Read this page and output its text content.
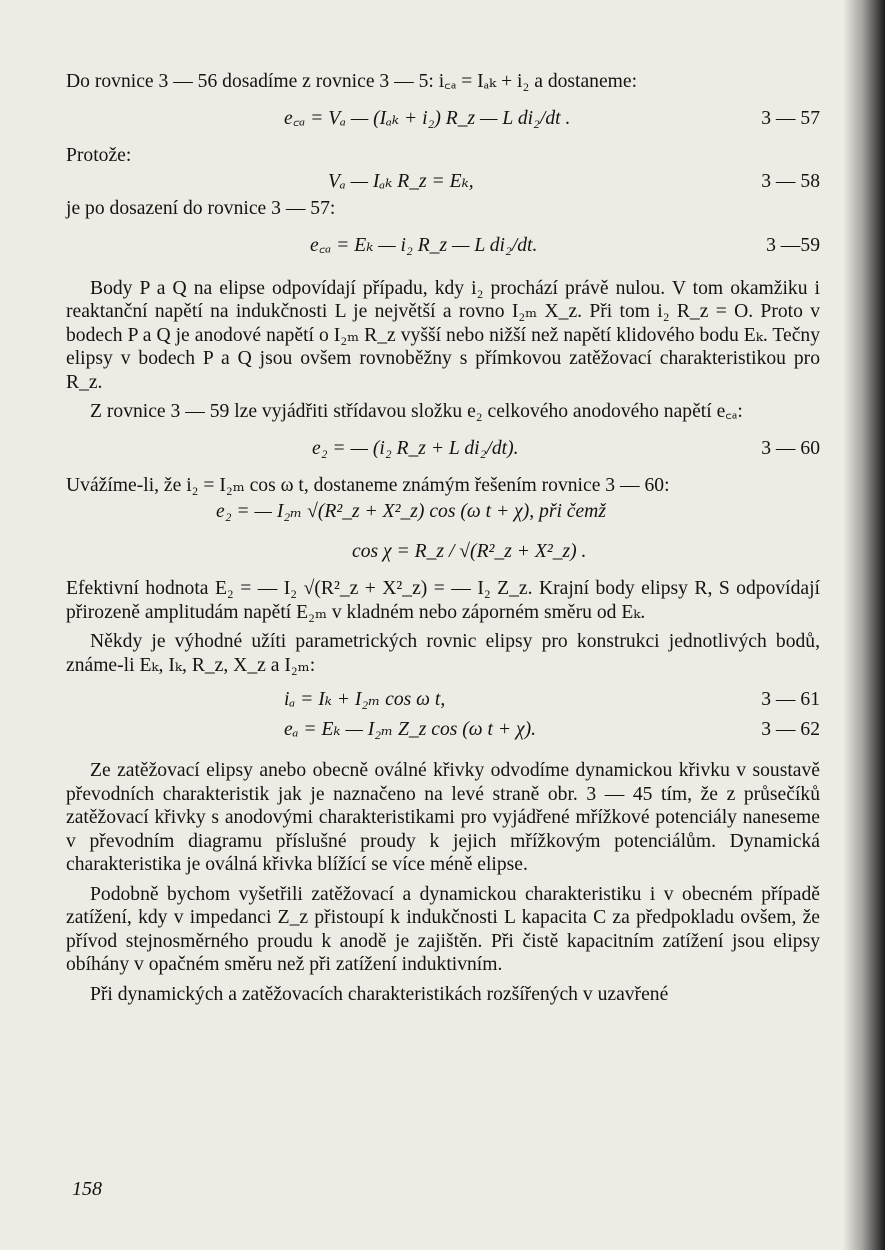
Do rovnice 3 — 56 dosadíme z rovnice 3 — 5: i꜀ₐ = Iₐₖ + i₂ a dostaneme:

e꜀ₐ = Vₐ — (Iₐₖ + i₂) R_z — L di₂/dt .	3 — 57

Protože:

Vₐ — Iₐₖ R_z = Eₖ,	3 — 58

je po dosazení do rovnice 3 — 57:

e꜀ₐ = Eₖ — i₂ R_z — L di₂/dt.	3 —59

Body P a Q na elipse odpovídají případu, kdy i₂ prochází právě nulou. V tom okamžiku i reaktanční napětí na indukčnosti L je největší a rovno I₂ₘ X_z. Při tom i₂ R_z = O. Proto v bodech P a Q je anodové napětí o I₂ₘ R_z vyšší nebo nižší než napětí klidového bodu Eₖ. Tečny elipsy v bodech P a Q jsou ovšem rovnoběžny s přímkovou zatěžovací charakteristikou pro R_z.

Z rovnice 3 — 59 lze vyjádřiti střídavou složku e₂ celkového anodového napětí e꜀ₐ:

e₂ = — (i₂ R_z + L di₂/dt).	3 — 60

Uvážíme-li, že i₂ = I₂ₘ cos ω t, dostaneme známým řešením rovnice 3 — 60:

e₂ = — I₂ₘ √(R²_z + X²_z) cos (ω t + χ), při čemž
cos χ = R_z / √(R²_z + X²_z) .

Efektivní hodnota E₂ = — I₂ √(R²_z + X²_z) = — I₂ Z_z. Krajní body elipsy R, S odpovídají přirozeně amplitudám napětí E₂ₘ v kladném nebo záporném směru od Eₖ.

Někdy je výhodné užíti parametrických rovnic elipsy pro konstrukci jednotlivých bodů, známe-li Eₖ, Iₖ, R_z, X_z a I₂ₘ:

iₐ = Iₖ + I₂ₘ cos ω t,	3 — 61
eₐ = Eₖ — I₂ₘ Z_z cos (ω t + χ).	3 — 62

Ze zatěžovací elipsy anebo obecně oválné křivky odvodíme dynamickou křivku v soustavě převodních charakteristik jak je naznačeno na levé straně obr. 3 — 45 tím, že z průsečíků zatěžovací křivky s anodovými charakteristikami pro vyjádřené mřížkové potenciály naneseme v převodním diagramu příslušné proudy k jejich mřížkovým potenciálům. Dynamická charakteristika je oválná křivka blížící se více méně elipse.

Podobně bychom vyšetřili zatěžovací a dynamickou charakteristiku i v obecném případě zatížení, kdy v impedanci Z_z přistoupí k indukčnosti L kapacita C za předpokladu ovšem, že přívod stejnosměrného proudu k anodě je zajištěn. Při čistě kapacitním zatížení jsou elipsy obíhány v opačném směru než při zatížení induktivním.

Při dynamických a zatěžovacích charakteristikách rozšířených v uzavřené

158
